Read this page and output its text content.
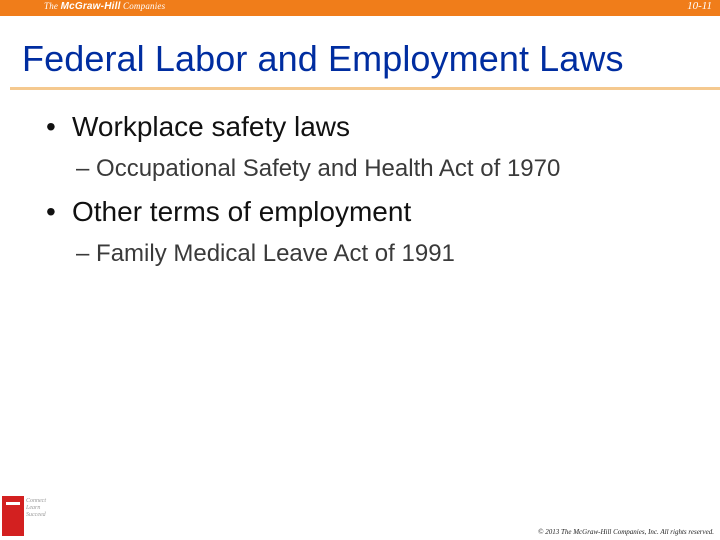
The McGraw-Hill Companies	10-11
Federal Labor and Employment Laws
• Workplace safety laws
– Occupational Safety and Health Act of 1970
• Other terms of employment
– Family Medical Leave Act of 1991
Connect Learn Succeed
© 2013 The McGraw-Hill Companies, Inc. All rights reserved.
